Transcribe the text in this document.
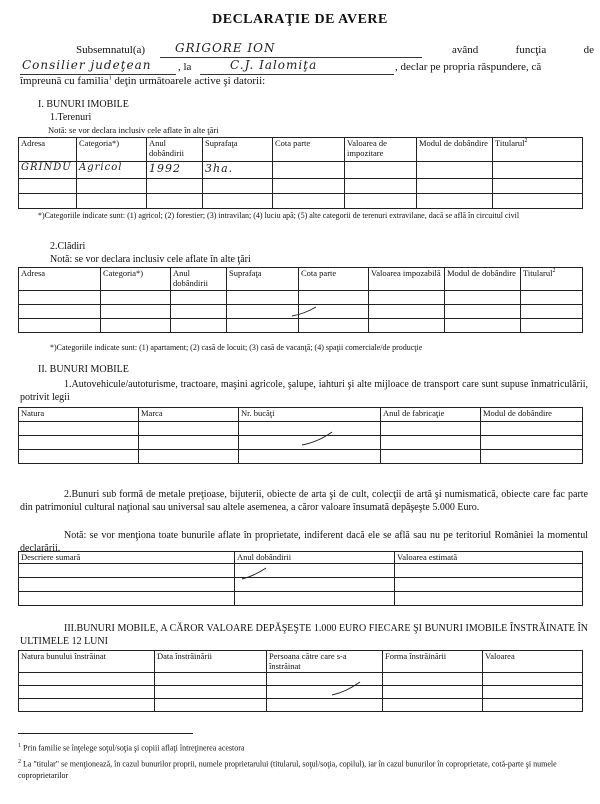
DECLARAŢIE DE AVERE
Subsemnatul(a) GRIGORE ION	având funcţia de
Consilier judeţean , la	C.J. Ialomiţa	, declar pe propria răspundere, că
împreună cu familia$^1$ deţin următoarele active şi datorii:
I. BUNURI IMOBILE
1.Terenuri
Notă: se vor declara inclusiv cele aflate în alte ţări
Adresa	Categoria*)	Anul dobândirii	Suprafaţa	Cota parte	Valoarea de impozitare	Modul de dobândire	Titularul$^2$
GRINDU	Agricol	1992	3ha.				

*)Categoriile indicate sunt: (1) agricol; (2) forestier; (3) intravilan; (4) luciu apă; (5) alte categorii de terenuri extravilane, dacă se află în circuitul civil
2.Clădiri
Notă: se vor declara inclusiv cele aflate în alte ţări
Adresa	Categoria*)	Anul dobândirii	Suprafaţa	Cota parte	Valoarea impozabilă	Modul de dobândire	Titularul$^2$

*)Categoriile indicate sunt: (1) apartament; (2) casă de locuit; (3) casă de vacanţă; (4) spaţii comerciale/de producţie
II. BUNURI MOBILE
1.Autovehicule/autoturisme, tractoare, maşini agricole, şalupe, iahturi şi alte mijloace de transport care sunt supuse înmatriculării, potrivit legii
Natura	Marca	Nr. bucăţi	Anul de fabricaţie	Modul de dobândire

2.Bunuri sub formă de metale preţioase, bijuterii, obiecte de arta şi de cult, colecţii de artă şi numismatică, obiecte care fac parte din patrimoniul cultural naţional sau universal sau altele asemenea, a căror valoare însumată depăşeşte 5.000 Euro.
Notă: se vor menţiona toate bunurile aflate în proprietate, indiferent dacă ele se află sau nu pe teritoriul României la momentul declarării.
Descriere sumară	Anul dobândirii	Valoarea estimată

III.BUNURI MOBILE, A CĂROR VALOARE DEPĂŞEŞTE 1.000 EURO FIECARE ŞI BUNURI IMOBILE ÎNSTRĂINATE ÎN ULTIMELE 12 LUNI
Natura bunului înstrăinat	Data înstrăinării	Persoana către care s-a înstrăinat	Forma înstrăinării	Valoarea

$^1$ Prin familie se înţelege soţul/soţia şi copiii aflaţi întreţinerea acestora
$^2$ La "titular" se menţionează, în cazul bunurilor proprii, numele proprietarului (titularul, soţul/soţia, copilul), iar în cazul bunurilor în coproprietate, cotă-parte şi numele coproprietarilor
